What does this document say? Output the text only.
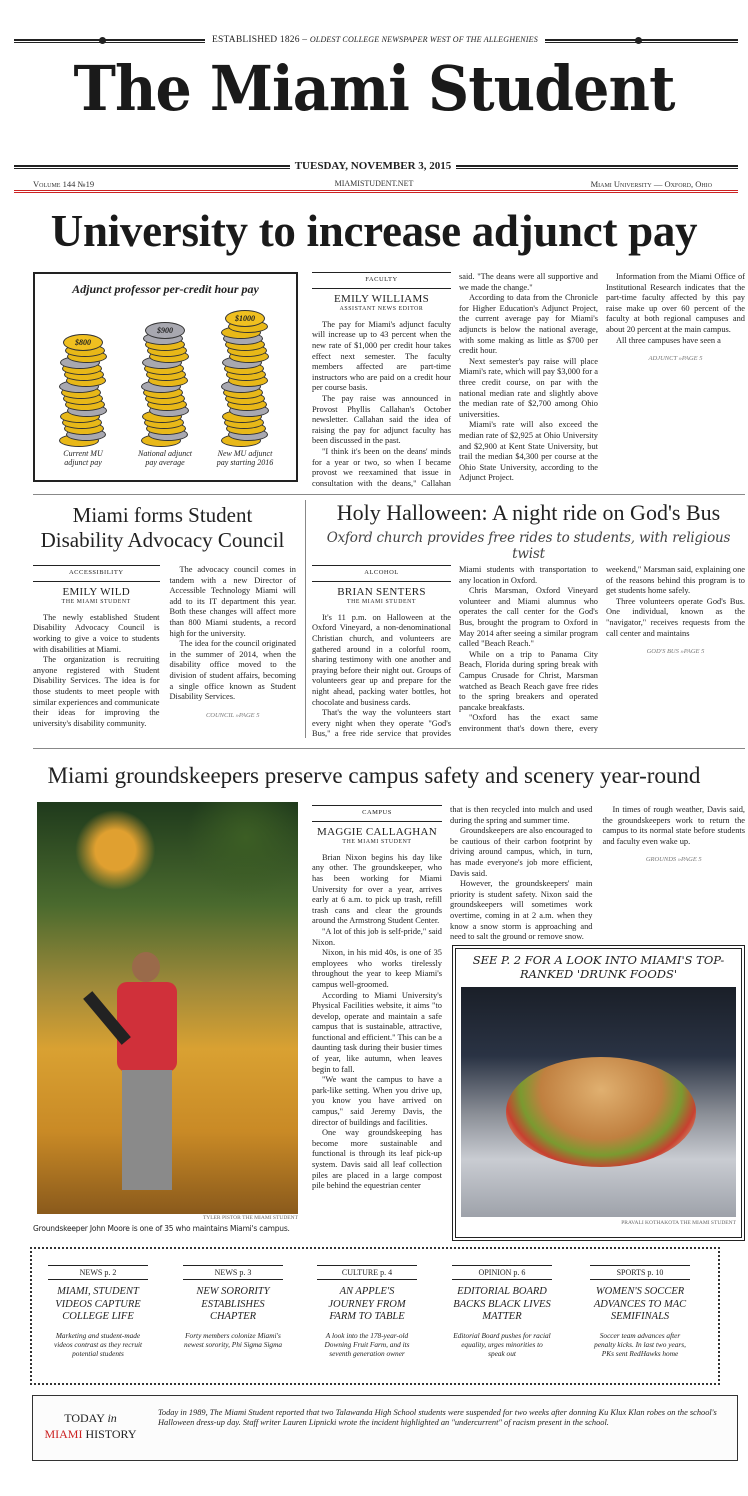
ESTABLISHED 1826 – OLDEST COLLEGE NEWSPAPER WEST OF THE ALLEGHENIES
The Miami Student
TUESDAY, NOVEMBER 3, 2015
Volume 144 №19	MIAMISTUDENT.NET	Miami University — Oxford, Ohio
University to increase adjunct pay
Adjunct professor per-credit hour pay
$800
Current MU adjunct pay
$900
National adjunct pay average
$1000
New MU adjunct pay starting 2016
FACULTY
EMILY WILLIAMS
ASSISTANT NEWS EDITOR

The pay for Miami's adjunct faculty will increase up to 43 percent when the new rate of $1,000 per credit hour takes effect next semester. The faculty members affected are part-time instructors who are paid on a credit hour per course basis.

The pay raise was announced in Provost Phyllis Callahan's October newsletter. Callahan said the idea of raising the pay for adjunct faculty has been discussed in the past.

"I think it's been on the deans' minds for a year or two, so when I became provost we reexamined that issue in consultation with the deans," Callahan said. "The deans were all supportive and we made the change."

According to data from the Chronicle for Higher Education's Adjunct Project, the current average pay for Miami's adjuncts is below the national average, with some making as little as $700 per credit hour.

Next semester's pay raise will place Miami's rate, which will pay $3,000 for a three credit course, on par with the national median rate and slightly above the median rate of $2,700 among Ohio universities.

Miami's rate will also exceed the median rate of $2,925 at Ohio University and $2,900 at Kent State University, but trail the median $4,300 per course at the Ohio State University, according to the Adjunct Project.

Information from the Miami Office of Institutional Research indicates that the part-time faculty affected by this pay raise make up over 60 percent of the faculty at both regional campuses and about 20 percent at the main campus.

All three campuses have seen a

ADJUNCT »PAGE 5
Miami forms Student Disability Advocacy Council
ACCESSIBILITY
EMILY WILD
THE MIAMI STUDENT

The newly established Student Disability Advocacy Council is working to give a voice to students with disabilities at Miami.

The organization is recruiting anyone registered with Student Disability Services. The idea is for those students to meet people with similar experiences and communicate their ideas for improving the university's disability community.

The advocacy council comes in tandem with a new Director of Accessible Technology Miami will add to its IT department this year. Both these changes will affect more than 800 Miami students, a record high for the university.

The idea for the council originated in the summer of 2014, when the disability office moved to the division of student affairs, becoming a single office known as Student Disability Services.

COUNCIL »PAGE 5
Holy Halloween: A night ride on God's Bus
Oxford church provides free rides to students, with religious twist
ALCOHOL
BRIAN SENTERS
THE MIAMI STUDENT

It's 11 p.m. on Halloween at the Oxford Vineyard, a non-denominational Christian church, and volunteers are gathered around in a colorful room, sharing testimony with one another and praying before their night out. Groups of volunteers gear up and prepare for the night ahead, packing water bottles, hot chocolate and business cards.

That's the way the volunteers start every night when they operate "God's Bus," a free ride service that provides Miami students with transportation to any location in Oxford.

Chris Marsman, Oxford Vineyard volunteer and Miami alumnus who operates the call center for the God's Bus, brought the program to Oxford in May 2014 after seeing a similar program called "Beach Reach."

While on a trip to Panama City Beach, Florida during spring break with Campus Crusade for Christ, Marsman watched as Beach Reach gave free rides to the spring breakers and operated pancake breakfasts.

"Oxford has the exact same environment that's down there, every weekend," Marsman said, explaining one of the reasons behind this program is to get students home safely.

Three volunteers operate God's Bus. One individual, known as the "navigator," receives requests from the call center and maintains

GOD'S BUS »PAGE 5
Miami groundskeepers preserve campus safety and scenery year-round
TYLER PISTOR THE MIAMI STUDENT
Groundskeeper John Moore is one of 35 who maintains Miami's campus.
CAMPUS
MAGGIE CALLAGHAN
THE MIAMI STUDENT

Brian Nixon begins his day like any other. The groundskeeper, who has been working for Miami University for over a year, arrives early at 6 a.m. to pick up trash, refill trash cans and clear the grounds around the Armstrong Student Center.

"A lot of this job is self-pride," said Nixon.

Nixon, in his mid 40s, is one of 35 employees who works tirelessly throughout the year to keep Miami's campus well-groomed.

According to Miami University's Physical Facilities website, it aims "to develop, operate and maintain a safe campus that is sustainable, attractive, functional and efficient." This can be a daunting task during their busier times of year, like autumn, when leaves begin to fall.

"We want the campus to have a park-like setting. When you drive up, you know you have arrived on campus," said Jeremy Davis, the director of buildings and facilities.

One way groundskeeping has become more sustainable and functional is through its leaf pick-up system. Davis said all leaf collection piles are placed in a large compost pile behind the equestrian center

that is then recycled into mulch and used during the spring and summer time.

Groundskeepers are also encouraged to be cautious of their carbon footprint by driving around campus, which, in turn, has made everyone's job more efficient, Davis said.

However, the groundskeepers' main priority is student safety. Nixon said the groundskeepers will sometimes work overtime, coming in at 2 a.m. when they know a snow storm is approaching and need to salt the ground or remove snow.

In times of rough weather, Davis said, the groundskeepers work to return the campus to its normal state before students and faculty even wake up.

GROUNDS »PAGE 5
SEE P. 2 FOR A LOOK INTO MIAMI'S TOP-RANKED 'DRUNK FOODS'
PRAVALI KOTHAKOTA THE MIAMI STUDENT
NEWS p. 2
MIAMI, STUDENT VIDEOS CAPTURE COLLEGE LIFE
Marketing and student-made videos contrast as they recruit potential students
NEWS p. 3
NEW SORORITY ESTABLISHES CHAPTER
Forty members colonize Miami's newest sorority, Phi Sigma Sigma
CULTURE p. 4
AN APPLE'S JOURNEY FROM FARM TO TABLE
A look into the 178-year-old Downing Fruit Farm, and its seventh generation owner
OPINION p. 6
EDITORIAL BOARD BACKS BLACK LIVES MATTER
Editorial Board pushes for racial equality, urges minorities to speak out
SPORTS p. 10
WOMEN'S SOCCER ADVANCES TO MAC SEMIFINALS
Soccer team advances after penalty kicks. In last two years, PKs sent RedHawks home
TODAY in
MIAMI HISTORY
Today in 1989, The Miami Student reported that two Talawanda High School students were suspended for two weeks after donning Ku Klux Klan robes on the school's Halloween dress-up day. Staff writer Lauren Lipnicki wrote the incident highlighted an "undercurrent" of racism present in the school.
